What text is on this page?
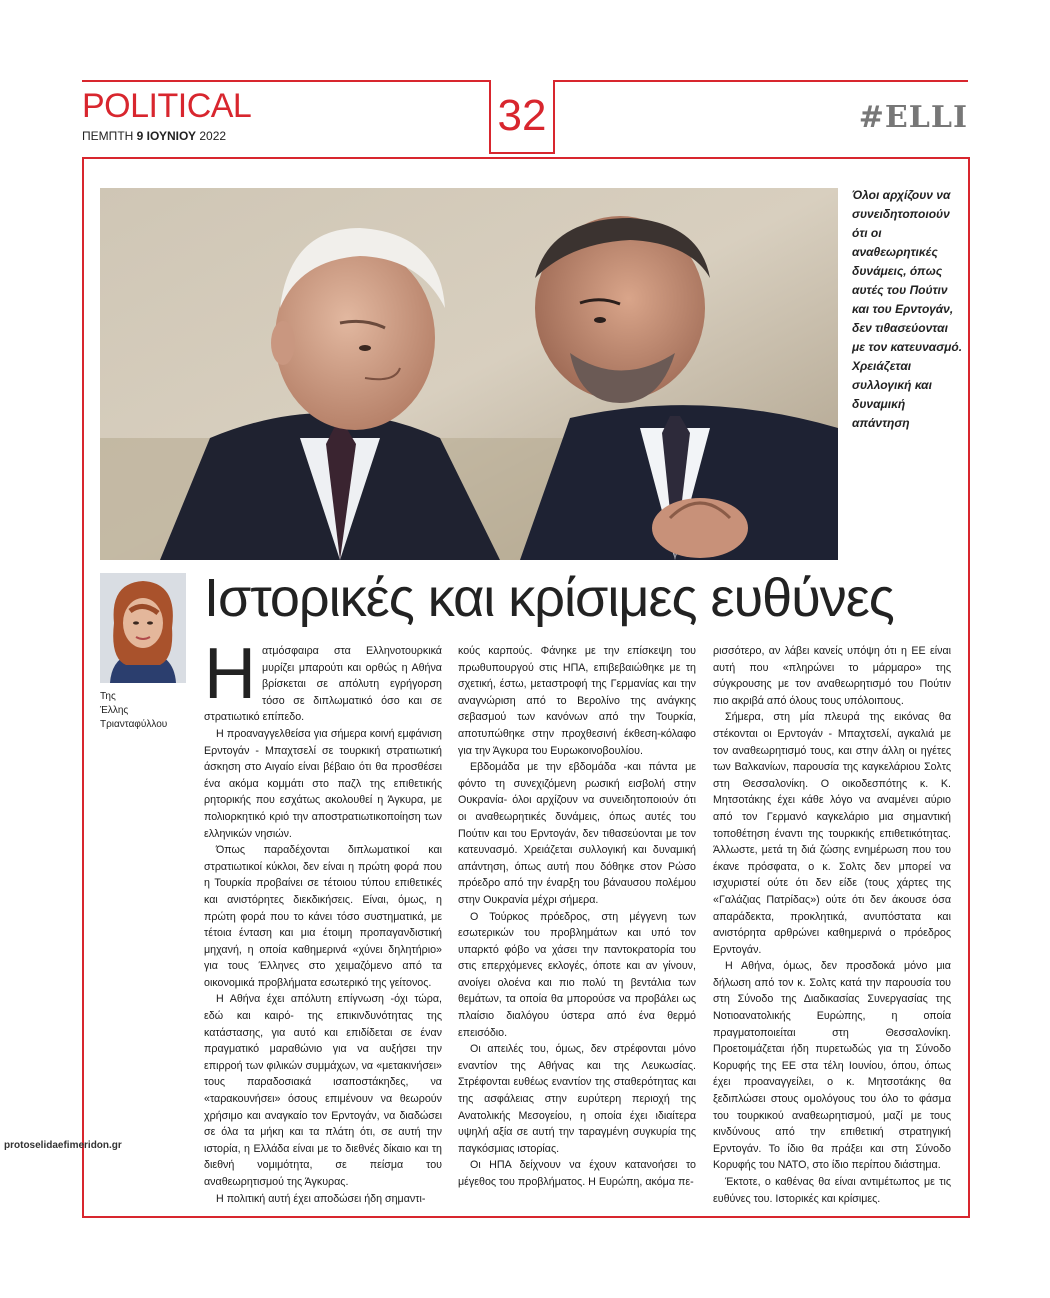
POLITICAL
ΠΕΜΠΤΗ 9 ΙΟΥΝΙΟΥ 2022	32	#ELLI
Όλοι αρχίζουν να συνειδητοποιούν ότι οι αναθεωρητικές δυνάμεις, όπως αυτές του Πούτιν και του Ερντογάν, δεν τιθασεύονται με τον κατευνασμό. Χρειάζεται συλλογική και δυναμική απάντηση
Της
Έλλης
Τριανταφύλλου
Ιστορικές και κρίσιμες ευθύνες

Η ατμόσφαιρα στα Ελληνοτουρκικά μυρίζει μπαρούτι και ορθώς η Αθήνα βρίσκεται σε απόλυτη εγρήγορση τόσο σε διπλωματικό όσο και σε στρατιωτικό επίπεδο.

Η προαναγγελθείσα για σήμερα κοινή εμφάνιση Ερντογάν - Μπαχτσελί σε τουρκική στρατιωτική άσκηση στο Αιγαίο είναι βέβαιο ότι θα προσθέσει ένα ακόμα κομμάτι στο παζλ της επιθετικής ρητορικής που εσχάτως ακολουθεί η Άγκυρα, με πολιορκητικό κριό την αποστρατιωτικοποίηση των ελληνικών νησιών.

Όπως παραδέχονται διπλωματικοί και στρατιωτικοί κύκλοι, δεν είναι η πρώτη φορά που η Τουρκία προβαίνει σε τέτοιου τύπου επιθετικές και ανιστόρητες διεκδικήσεις. Είναι, όμως, η πρώτη φορά που το κάνει τόσο συστηματικά, με τέτοια ένταση και μια έτοιμη προπαγανδιστική μηχανή, η οποία καθημερινά «χύνει δηλητήριο» για τους Έλληνες στο χειμαζόμενο από τα οικονομικά προβλήματα εσωτερικό της γείτονος.

Η Αθήνα έχει απόλυτη επίγνωση -όχι τώρα, εδώ και καιρό- της επικινδυνότητας της κατάστασης, για αυτό και επιδίδεται σε έναν πραγματικό μαραθώνιο για να αυξήσει την επιρροή των φιλικών συμμάχων, να «μετακινήσει» τους παραδοσιακά ισαποστάκηδες, να «ταρακουνήσει» όσους επιμένουν να θεωρούν χρήσιμο και αναγκαίο τον Ερντογάν, να διαδώσει σε όλα τα μήκη και τα πλάτη ότι, σε αυτή την ιστορία, η Ελλάδα είναι με το διεθνές δίκαιο και τη διεθνή νομιμότητα, σε πείσμα του αναθεωρητισμού της Άγκυρας.

Η πολιτική αυτή έχει αποδώσει ήδη σημαντι-

κούς καρπούς. Φάνηκε με την επίσκεψη του πρωθυπουργού στις ΗΠΑ, επιβεβαιώθηκε με τη σχετική, έστω, μεταστροφή της Γερμανίας και την αναγνώριση από το Βερολίνο της ανάγκης σεβασμού των κανόνων από την Τουρκία, αποτυπώθηκε στην προχθεσινή έκθεση-κόλαφο για την Άγκυρα του Ευρωκοινοβουλίου.

Εβδομάδα με την εβδομάδα -και πάντα με φόντο τη συνεχιζόμενη ρωσική εισβολή στην Ουκρανία- όλοι αρχίζουν να συνειδητοποιούν ότι οι αναθεωρητικές δυνάμεις, όπως αυτές του Πούτιν και του Ερντογάν, δεν τιθασεύονται με τον κατευνασμό. Χρειάζεται συλλογική και δυναμική απάντηση, όπως αυτή που δόθηκε στον Ρώσο πρόεδρο από την έναρξη του βάναυσου πολέμου στην Ουκρανία μέχρι σήμερα.

Ο Τούρκος πρόεδρος, στη μέγγενη των εσωτερικών του προβλημάτων και υπό τον υπαρκτό φόβο να χάσει την παντοκρατορία του στις επερχόμενες εκλογές, όποτε και αν γίνουν, ανοίγει ολοένα και πιο πολύ τη βεντάλια των θεμάτων, τα οποία θα μπορούσε να προβάλει ως πλαίσιο διαλόγου ύστερα από ένα θερμό επεισόδιο.

Οι απειλές του, όμως, δεν στρέφονται μόνο εναντίον της Αθήνας και της Λευκωσίας. Στρέφονται ευθέως εναντίον της σταθερότητας και της ασφάλειας στην ευρύτερη περιοχή της Ανατολικής Μεσογείου, η οποία έχει ιδιαίτερα υψηλή αξία σε αυτή την ταραγμένη συγκυρία της παγκόσμιας ιστορίας.

Οι ΗΠΑ δείχνουν να έχουν κατανοήσει το μέγεθος του προβλήματος. Η Ευρώπη, ακόμα πε-

ρισσότερο, αν λάβει κανείς υπόψη ότι η ΕΕ είναι αυτή που «πληρώνει το μάρμαρο» της σύγκρουσης με τον αναθεωρητισμό του Πούτιν πιο ακριβά από όλους τους υπόλοιπους.

Σήμερα, στη μία πλευρά της εικόνας θα στέκονται οι Ερντογάν - Μπαχτσελί, αγκαλιά με τον αναθεωρητισμό τους, και στην άλλη οι ηγέτες των Βαλκανίων, παρουσία της καγκελάριου Σολτς στη Θεσσαλονίκη. Ο οικοδεσπότης κ. Κ. Μητσοτάκης έχει κάθε λόγο να αναμένει αύριο από τον Γερμανό καγκελάριο μια σημαντική τοποθέτηση έναντι της τουρκικής επιθετικότητας. Άλλωστε, μετά τη διά ζώσης ενημέρωση που του έκανε πρόσφατα, ο κ. Σολτς δεν μπορεί να ισχυριστεί ούτε ότι δεν είδε (τους χάρτες της «Γαλάζιας Πατρίδας») ούτε ότι δεν άκουσε όσα απαράδεκτα, προκλητικά, ανυπόστατα και ανιστόρητα αρθρώνει καθημερινά ο πρόεδρος Ερντογάν.

Η Αθήνα, όμως, δεν προσδοκά μόνο μια δήλωση από τον κ. Σολτς κατά την παρουσία του στη Σύνοδο της Διαδικασίας Συνεργασίας της Νοτιοανατολικής Ευρώπης, η οποία πραγματοποιείται στη Θεσσαλονίκη. Προετοιμάζεται ήδη πυρετωδώς για τη Σύνοδο Κορυφής της ΕΕ στα τέλη Ιουνίου, όπου, όπως έχει προαναγγείλει, ο κ. Μητσοτάκης θα ξεδιπλώσει στους ομολόγους του όλο το φάσμα του τουρκικού αναθεωρητισμού, μαζί με τους κινδύνους από την επιθετική στρατηγική Ερντογάν. Το ίδιο θα πράξει και στη Σύνοδο Κορυφής του ΝΑΤΟ, στο ίδιο περίπου διάστημα.

Έκτοτε, ο καθένας θα είναι αντιμέτωπος με τις ευθύνες του. Ιστορικές και κρίσιμες.

protoselidaefimeridon.gr
